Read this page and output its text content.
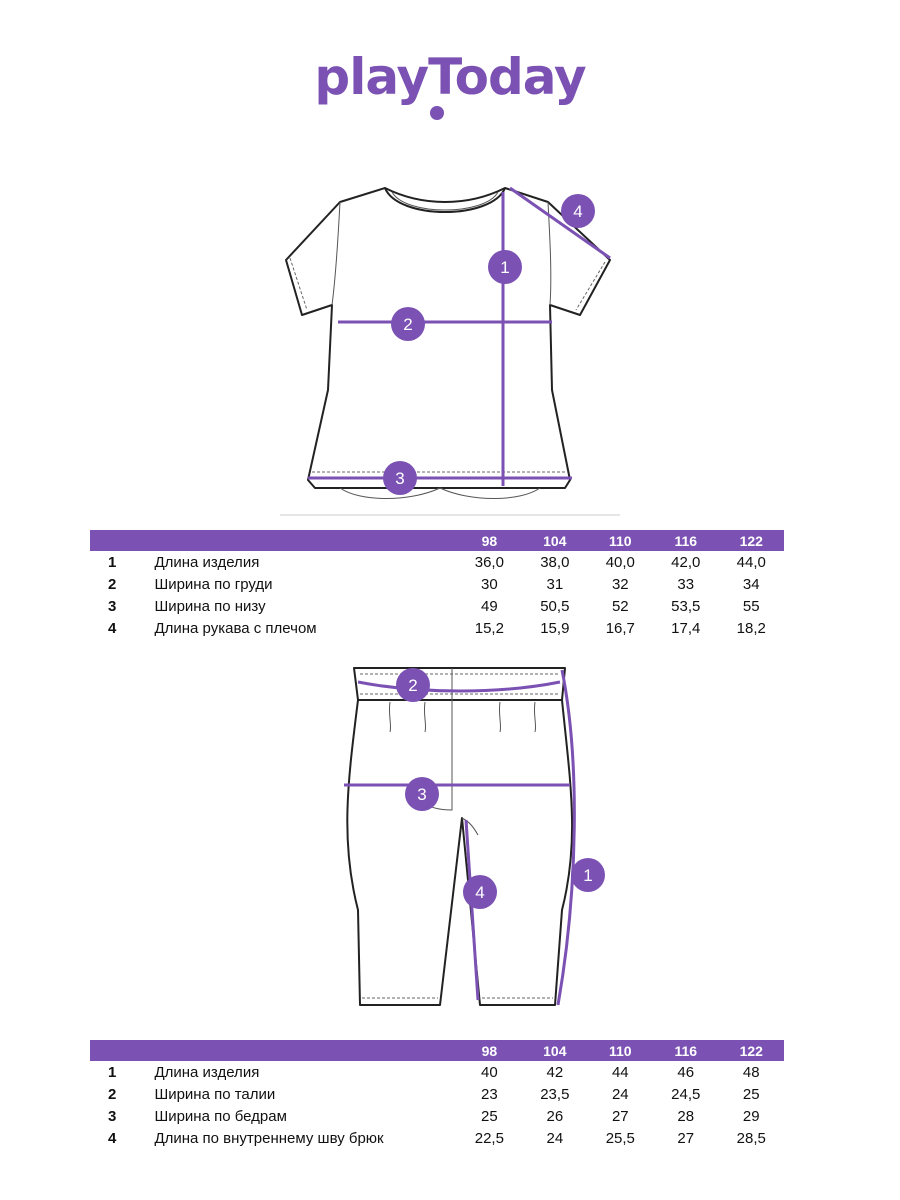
playToday
1
2
3
4
		98	104	110	116	122
1	Длина изделия	36,0	38,0	40,0	42,0	44,0
2	Ширина по груди	30	31	32	33	34
3	Ширина по низу	49	50,5	52	53,5	55
4	Длина рукава с плечом	15,2	15,9	16,7	17,4	18,2
2
3
1
4
		98	104	110	116	122
1	Длина изделия	40	42	44	46	48
2	Ширина по талии	23	23,5	24	24,5	25
3	Ширина по бедрам	25	26	27	28	29
4	Длина по внутреннему шву брюк	22,5	24	25,5	27	28,5
